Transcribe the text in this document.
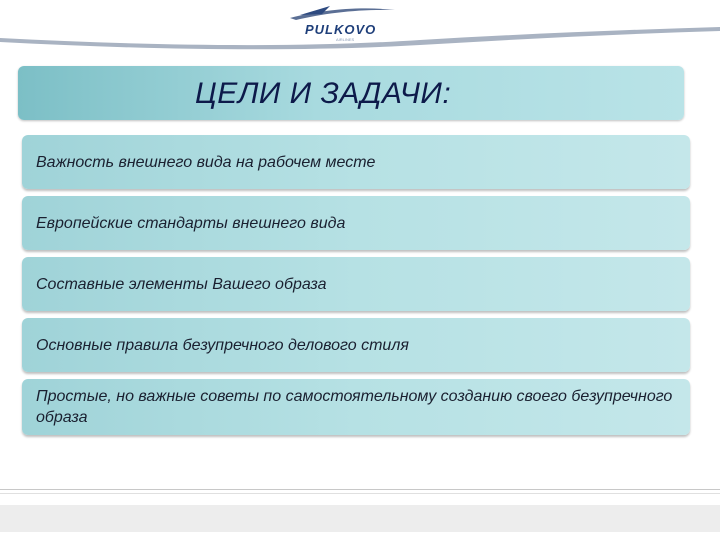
PULKOVO
AIRLINES
ЦЕЛИ И ЗАДАЧИ:
Важность внешнего вида на рабочем месте
Европейские стандарты внешнего вида
Составные элементы Вашего образа
Основные правила безупречного делового стиля
Простые, но важные советы по самостоятельному созданию своего безупречного образа
